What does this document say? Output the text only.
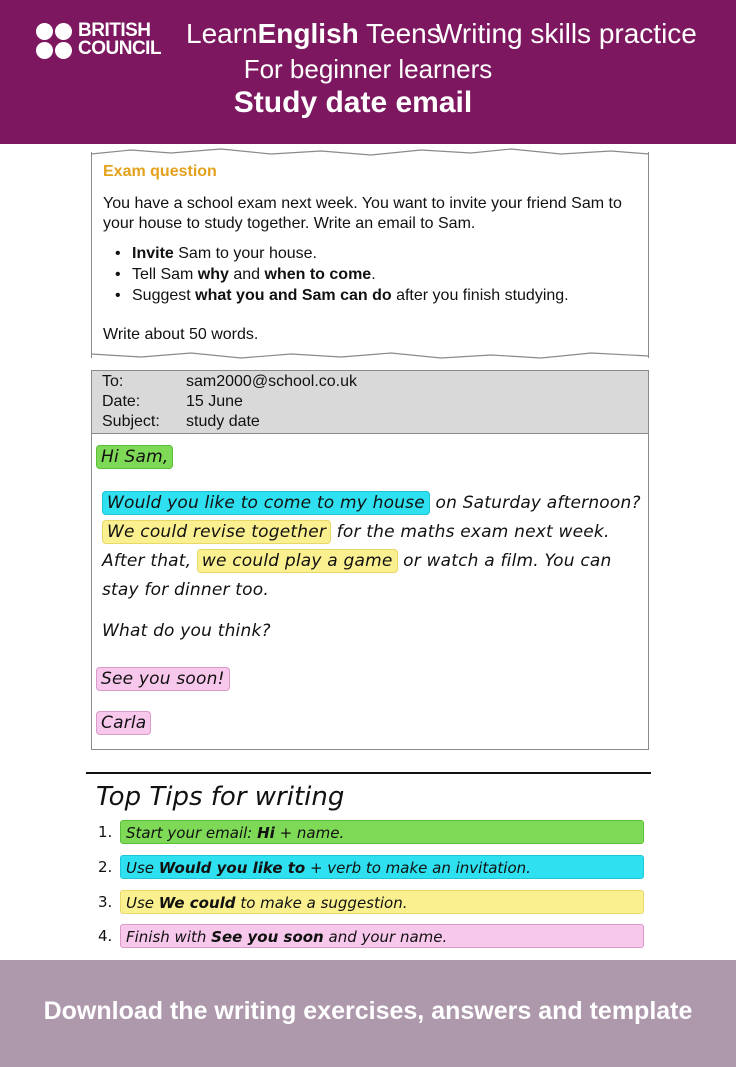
BRITISH
COUNCIL LearnEnglish Teens
Writing skills practice
For beginner learners
Study date email
Exam question
You have a school exam next week. You want to invite your friend Sam to your house to study together. Write an email to Sam.
• Invite Sam to your house.
• Tell Sam why and when to come.
• Suggest what you and Sam can do after you finish studying.
Write about 50 words.
To:	sam2000@school.co.uk
Date:	15 June
Subject:	study date
Hi Sam,
Would you like to come to my house on Saturday afternoon? We could revise together for the maths exam next week. After that, we could play a game or watch a film. You can stay for dinner too.
What do you think?
See you soon!
Carla
Top Tips for writing
1. Start your email: Hi + name.
2. Use Would you like to + verb to make an invitation.
3. Use We could to make a suggestion.
4. Finish with See you soon and your name.
Download the writing exercises, answers and template
